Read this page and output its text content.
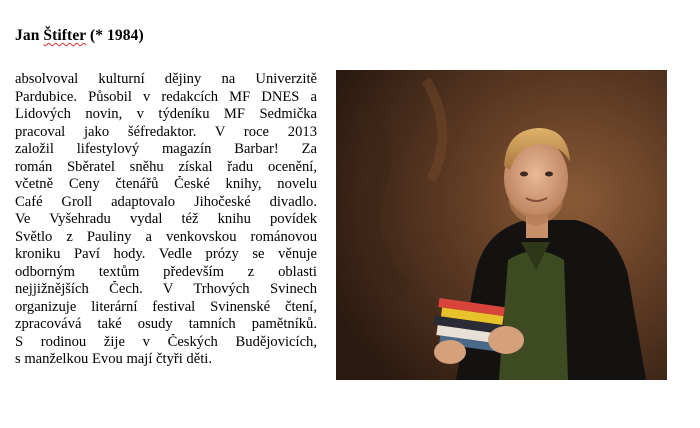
Jan Štifter (* 1984)
absolvoval kulturní dějiny na Univerzitě
Pardubice. Působil v redakcích MF DNES a
Lidových novin, v týdeníku MF Sedmička
pracoval jako šéfredaktor. V roce 2013
založil lifestylový magazín Barbar! Za
román Sběratel sněhu získal řadu ocenění,
včetně Ceny čtenářů České knihy, novelu
Café Groll adaptovalo Jihočeské divadlo.
Ve Vyšehradu vydal též knihu povídek
Světlo z Pauliny a venkovskou románovou
kroniku Paví hody. Vedle prózy se věnuje
odborným textům především z oblasti
nejjižnějších Čech. V Trhových Svinech
organizuje literární festival Svinenské čtení,
zpracovává také osudy tamních pamětníků.
S rodinou žije v Českých Budějovicích,
s manželkou Evou mají čtyři děti.
